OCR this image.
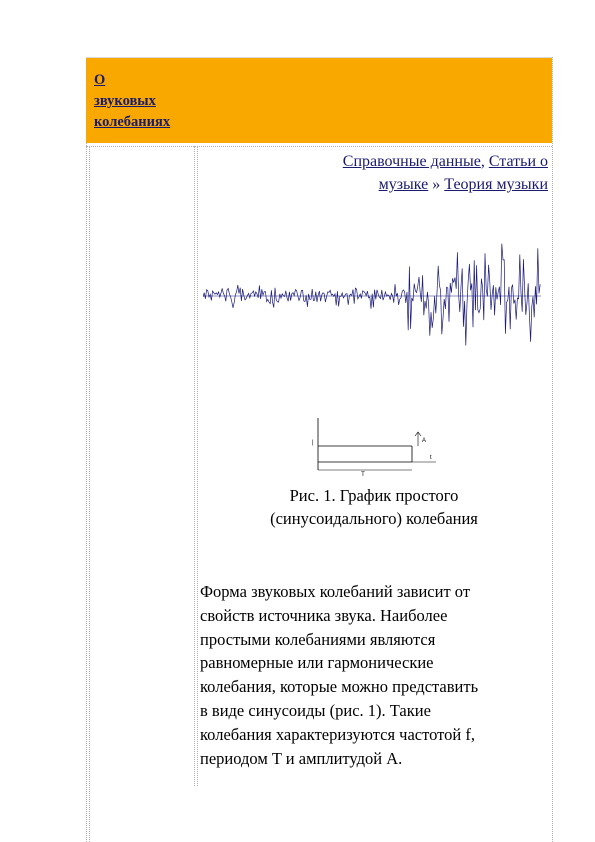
О
звуковых
колебаниях
Справочные данные, Статьи о
музыке » Теория музыки
|	A
T
t
Рис. 1. График простого
(синусоидального) колебания
Форма звуковых колебаний зависит от
свойств источника звука. Наиболее
простыми колебаниями являются
равномерные или гармонические
колебания, которые можно представить
в виде синусоиды (рис. 1). Такие
колебания характеризуются частотой f,
периодом T и амплитудой A.
